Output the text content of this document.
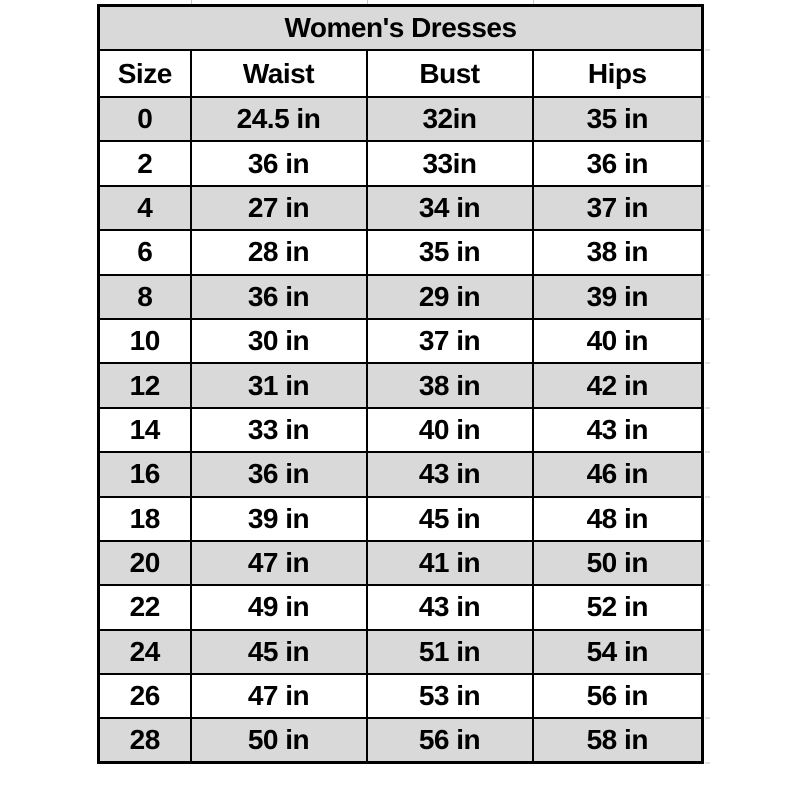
Women's Dresses			
Size	Waist	Bust	Hips
0	24.5 in	32in	35 in
2	36 in	33in	36 in
4	27 in	34 in	37 in
6	28 in	35 in	38 in
8	36 in	29 in	39 in
10	30 in	37 in	40 in
12	31 in	38 in	42 in
14	33 in	40 in	43 in
16	36 in	43 in	46 in
18	39 in	45 in	48 in
20	47 in	41 in	50 in
22	49 in	43 in	52 in
24	45 in	51 in	54 in
26	47 in	53 in	56 in
28	50 in	56 in	58 in
